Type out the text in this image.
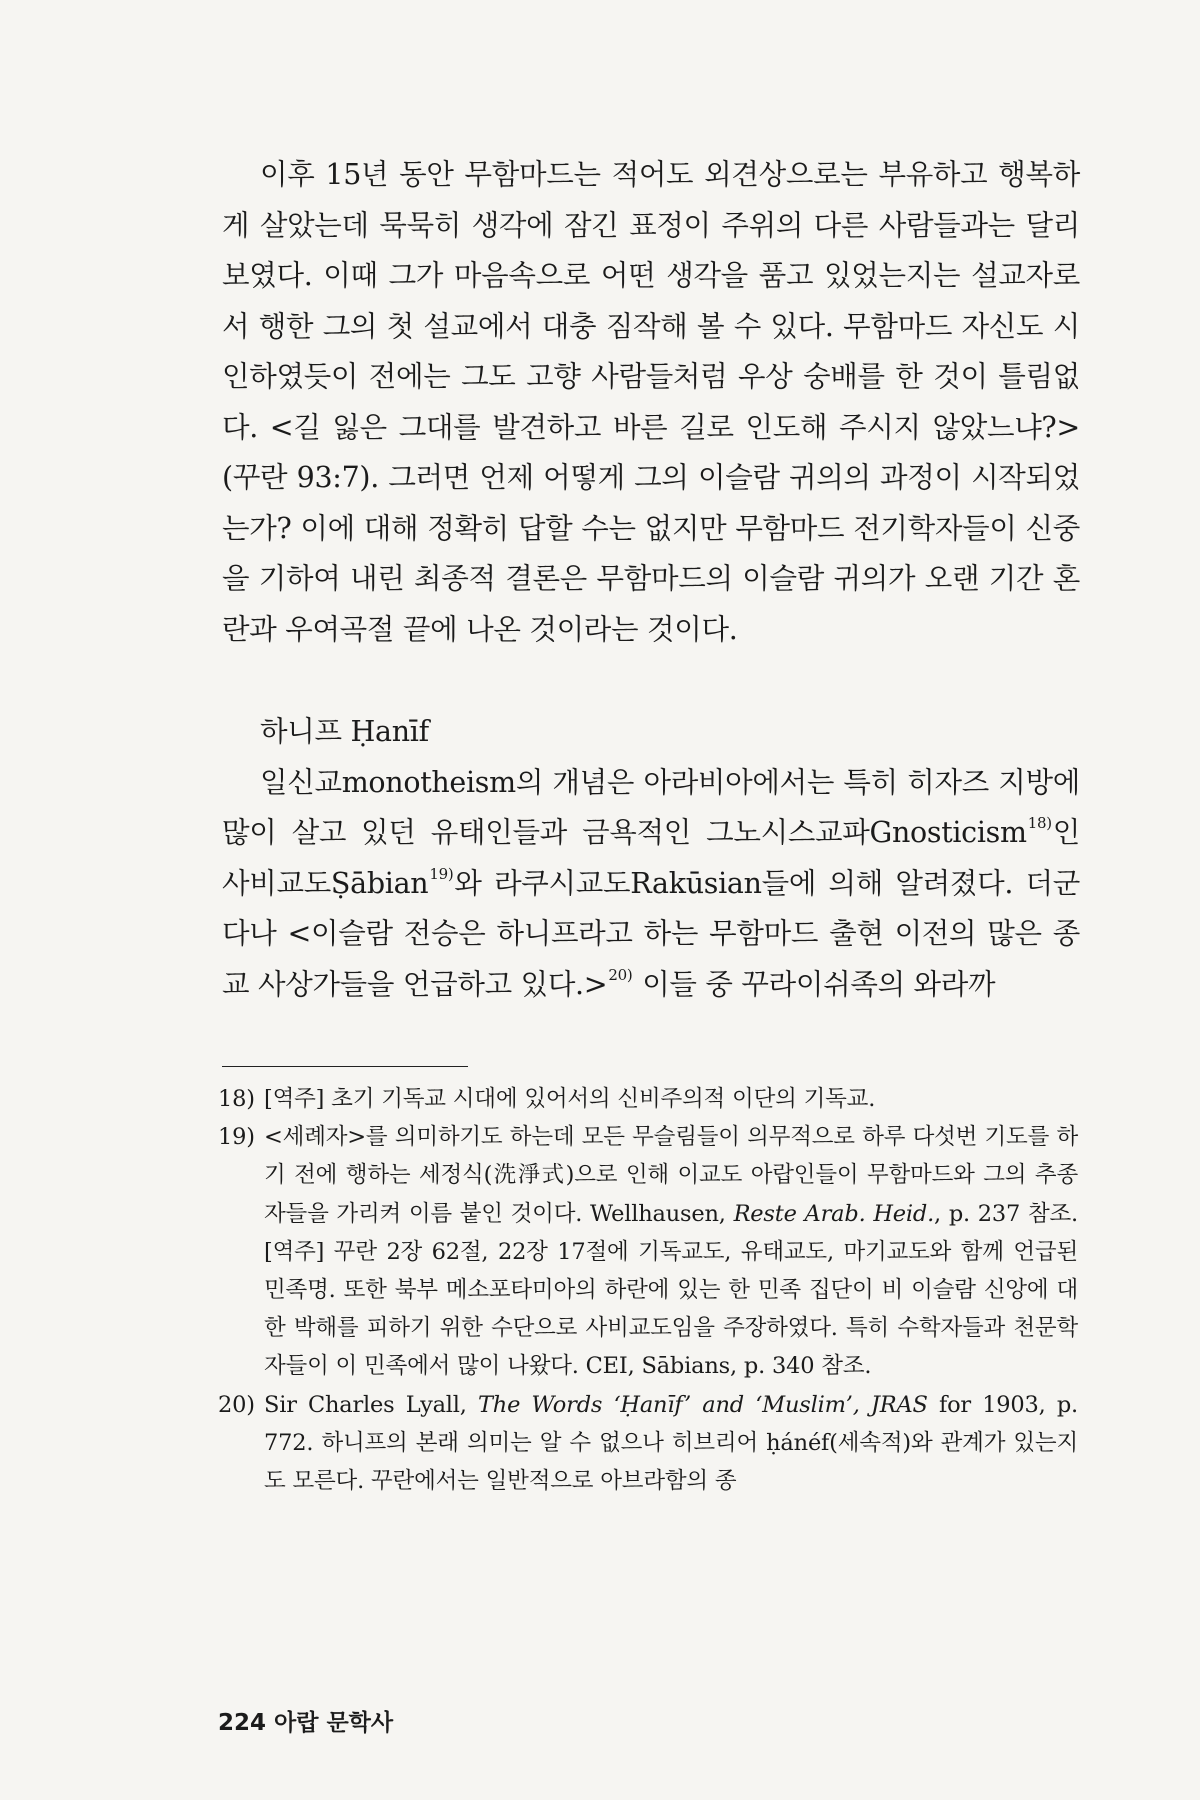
이후 15년 동안 무함마드는 적어도 외견상으로는 부유하고 행복하게 살았는데 묵묵히 생각에 잠긴 표정이 주위의 다른 사람들과는 달리 보였다. 이때 그가 마음속으로 어떤 생각을 품고 있었는지는 설교자로서 행한 그의 첫 설교에서 대충 짐작해 볼 수 있다. 무함마드 자신도 시인하였듯이 전에는 그도 고향 사람들처럼 우상 숭배를 한 것이 틀림없다. <길 잃은 그대를 발견하고 바른 길로 인도해 주시지 않았느냐?>(꾸란 93:7). 그러면 언제 어떻게 그의 이슬람 귀의의 과정이 시작되었는가? 이에 대해 정확히 답할 수는 없지만 무함마드 전기학자들이 신중을 기하여 내린 최종적 결론은 무함마드의 이슬람 귀의가 오랜 기간 혼란과 우여곡절 끝에 나온 것이라는 것이다.

하니프 Ḥanīf

일신교monotheism의 개념은 아라비아에서는 특히 히자즈 지방에 많이 살고 있던 유태인들과 금욕적인 그노시스교파Gnosticism$^{18)}$인 사비교도Ṣābian$^{19)}$와 라쿠시교도Rakūsian들에 의해 알려졌다. 더군다나 <이슬람 전승은 하니프라고 하는 무함마드 출현 이전의 많은 종교 사상가들을 언급하고 있다.>$^{20)}$ 이들 중 꾸라이쉬족의 와라까

18) [역주] 초기 기독교 시대에 있어서의 신비주의적 이단의 기독교.

19) <세례자>를 의미하기도 하는데 모든 무슬림들이 의무적으로 하루 다섯번 기도를 하기 전에 행하는 세정식(洗淨式)으로 인해 이교도 아랍인들이 무함마드와 그의 추종자들을 가리켜 이름 붙인 것이다. Wellhausen, Reste Arab. Heid., p. 237 참조. [역주] 꾸란 2장 62절, 22장 17절에 기독교도, 유태교도, 마기교도와 함께 언급된 민족명. 또한 북부 메소포타미아의 하란에 있는 한 민족 집단이 비 이슬람 신앙에 대한 박해를 피하기 위한 수단으로 사비교도임을 주장하였다. 특히 수학자들과 천문학자들이 이 민족에서 많이 나왔다. CEI, Sābians, p. 340 참조.

20) Sir Charles Lyall, The Words ‘Ḥanīf’ and ‘Muslim’, JRAS for 1903, p. 772. 하니프의 본래 의미는 알 수 없으나 히브리어 ḥánéf(세속적)와 관계가 있는지도 모른다. 꾸란에서는 일반적으로 아브라함의 종

224 아랍 문학사
